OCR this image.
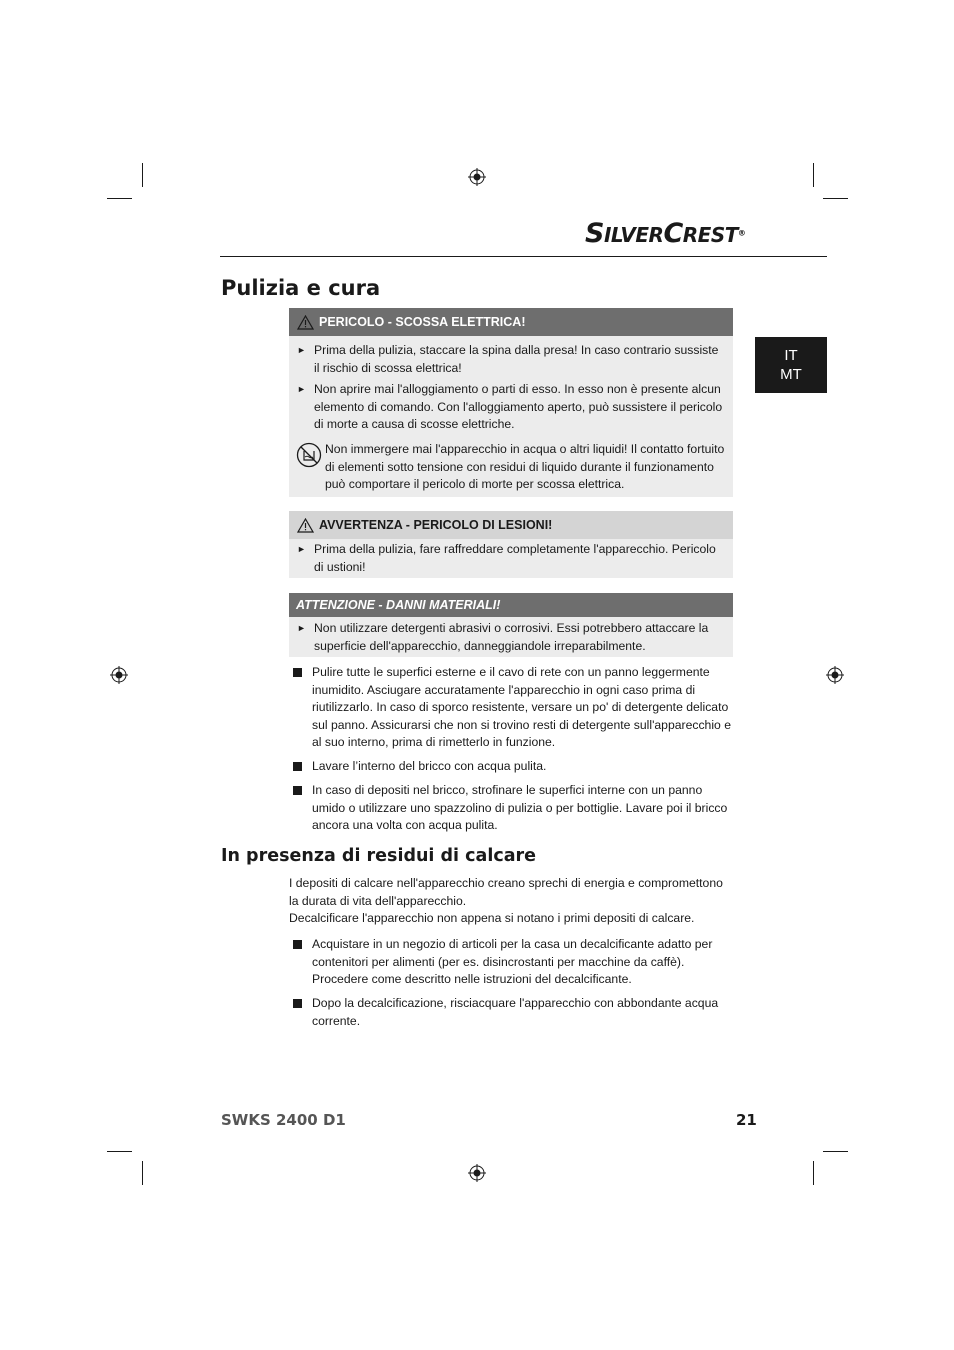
SILVERCREST®
IT
MT
Pulizia e cura
PERICOLO - SCOSSA ELETTRICA!
► Prima della pulizia, staccare la spina dalla presa! In caso contrario sussiste il rischio di scossa elettrica!
► Non aprire mai l'alloggiamento o parti di esso. In esso non è presente alcun elemento di comando. Con l'alloggiamento aperto, può sussistere il pericolo di morte a causa di scosse elettriche.
Non immergere mai l'apparecchio in acqua o altri liquidi! Il contatto fortuito di elementi sotto tensione con residui di liquido durante il funzionamento può comportare il pericolo di morte per scossa elettrica.
AVVERTENZA - PERICOLO DI LESIONI!
► Prima della pulizia, fare raffreddare completamente l'apparecchio. Pericolo di ustioni!
ATTENZIONE - DANNI MATERIALI!
► Non utilizzare detergenti abrasivi o corrosivi. Essi potrebbero attaccare la superficie dell'apparecchio, danneggiandole irreparabilmente.
Pulire tutte le superfici esterne e il cavo di rete con un panno leggermente inumidito. Asciugare accuratamente l'apparecchio in ogni caso prima di riutilizzarlo. In caso di sporco resistente, versare un po' di detergente delicato sul panno. Assicurarsi che non si trovino resti di detergente sull'apparecchio e al suo interno, prima di rimetterlo in funzione.
Lavare l’interno del bricco con acqua pulita.
In caso di depositi nel bricco, strofinare le superfici interne con un panno umido o utilizzare uno spazzolino di pulizia o per bottiglie. Lavare poi il bricco ancora una volta con acqua pulita.
In presenza di residui di calcare
I depositi di calcare nell'apparecchio creano sprechi di energia e compromettono la durata di vita dell'apparecchio.
Decalcificare l'apparecchio non appena si notano i primi depositi di calcare.
Acquistare in un negozio di articoli per la casa un decalcificante adatto per contenitori per alimenti (per es. disincrostanti per macchine da caffè). Procedere come descritto nelle istruzioni del decalcificante.
Dopo la decalcificazione, risciacquare l'apparecchio con abbondante acqua corrente.
SWKS 2400 D1	21
